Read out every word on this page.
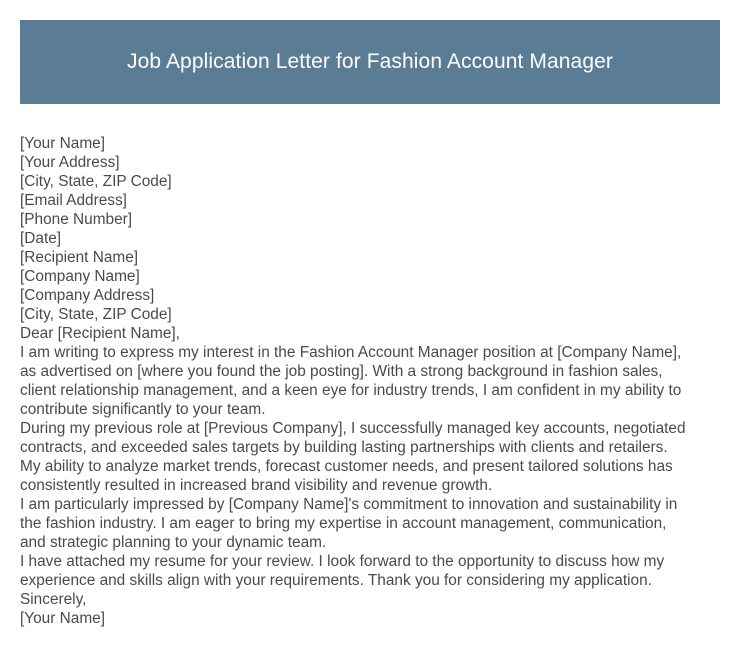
Job Application Letter for Fashion Account Manager
[Your Name]
[Your Address]
[City, State, ZIP Code]
[Email Address]
[Phone Number]
[Date]
[Recipient Name]
[Company Name]
[Company Address]
[City, State, ZIP Code]
Dear [Recipient Name],
I am writing to express my interest in the Fashion Account Manager position at [Company Name],
as advertised on [where you found the job posting]. With a strong background in fashion sales,
client relationship management, and a keen eye for industry trends, I am confident in my ability to
contribute significantly to your team.
During my previous role at [Previous Company], I successfully managed key accounts, negotiated
contracts, and exceeded sales targets by building lasting partnerships with clients and retailers.
My ability to analyze market trends, forecast customer needs, and present tailored solutions has
consistently resulted in increased brand visibility and revenue growth.
I am particularly impressed by [Company Name]'s commitment to innovation and sustainability in
the fashion industry. I am eager to bring my expertise in account management, communication,
and strategic planning to your dynamic team.
I have attached my resume for your review. I look forward to the opportunity to discuss how my
experience and skills align with your requirements. Thank you for considering my application.
Sincerely,
[Your Name]
